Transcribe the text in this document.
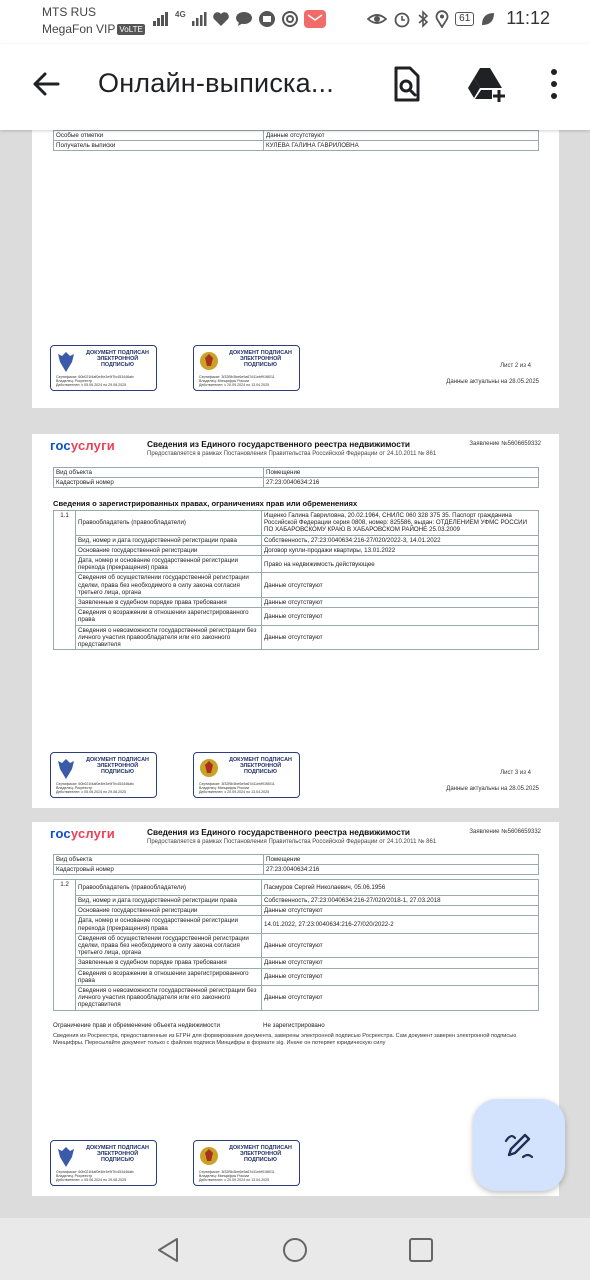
MTS RUS
MegaFon VIP VoLTE
4G	61 11:12
Онлайн-выписка...
Особые отметки	Данные отсутствуют
Получатель выписки	КУЛЕВА ГАЛИНА ГАВРИЛОВНА
ДОКУМЕНТ ПОДПИСАН ЭЛЕКТРОННОЙ ПОДПИСЬЮ
Сертификат: 60b021f4af0e4fe3e9f7fc453446afc
Владелец: Росреестр
Действителен: с 05.06.2024 по 29.08.2025
ДОКУМЕНТ ПОДПИСАН ЭЛЕКТРОННОЙ ПОДПИСЬЮ
Сертификат: 3f32f5b3be6e9a67d11ebf91f8011
Владелец: Минцифры России
Действителен: с 20.09.2024 по 13.04.2025
Лист 2 из 4
Данные актуальны на 28.05.2025
госуслуги	Сведения из Единого государственного реестра недвижимости
Предоставляется в рамках Постановления Правительства Российской Федерации от 24.10.2011 № 861
Заявление №5606659332
Вид объекта	Помещение
Кадастровый номер	27:23:0040634:216
Сведения о зарегистрированных правах, ограничениях прав или обременениях
1.1	Правообладатель (правообладатели)	Ищенко Галина Гавриловна, 20.02.1964, СНИЛС 060 328 375 35. Паспорт гражданина Российской Федерации серия 0808, номер: 825586, выдан: ОТДЕЛЕНИЕМ УФМС РОССИИ ПО ХАБАРОВСКОМУ КРАЮ В ХАБАРОВСКОМ РАЙОНЕ 25.03.2009
	Вид, номер и дата государственной регистрации права	Собственность, 27:23:0040634:216-27/020/2022-3, 14.01.2022
	Основание государственной регистрации	Договор купли-продажи квартиры, 13.01.2022
	Дата, номер и основание государственной регистрации перехода (прекращения) права	Право на недвижимость действующее
	Сведения об осуществлении государственной регистрации сделки, права без необходимого в силу закона согласия третьего лица, органа	Данные отсутствуют
	Заявленные в судебном порядке права требования	Данные отсутствуют
	Сведения о возражении в отношении зарегистрированного права	Данные отсутствуют
	Сведения о невозможности государственной регистрации без личного участия правообладателя или его законного представителя	Данные отсутствуют
ДОКУМЕНТ ПОДПИСАН ЭЛЕКТРОННОЙ ПОДПИСЬЮ
Сертификат: 60b021f4af0e4fe3e9f7fc453446afc
Владелец: Росреестр
Действителен: с 05.06.2024 по 29.08.2025
ДОКУМЕНТ ПОДПИСАН ЭЛЕКТРОННОЙ ПОДПИСЬЮ
Сертификат: 3f32f5b3be6e9a67d11ebf91f8011
Владелец: Минцифры России
Действителен: с 20.09.2024 по 13.04.2025
Лист 3 из 4
Данные актуальны на 28.05.2025
госуслуги	Сведения из Единого государственного реестра недвижимости
Предоставляется в рамках Постановления Правительства Российской Федерации от 24.10.2011 № 861
Заявление №5606659332
Вид объекта	Помещение
Кадастровый номер	27:23:0040634:216
1.2	Правообладатель (правообладатели)	Пасмуров Сергей Николаевич, 05.06.1956
	Вид, номер и дата государственной регистрации права	Собственность, 27:23:0040634:216-27/020/2018-1, 27.03.2018
	Основание государственной регистрации	Данные отсутствуют
	Дата, номер и основание государственной регистрации перехода (прекращения) права	14.01.2022, 27:23:0040634:216-27/020/2022-2
	Сведения об осуществлении государственной регистрации сделки, права без необходимого в силу закона согласия третьего лица, органа	Данные отсутствуют
	Заявленные в судебном порядке права требования	Данные отсутствуют
	Сведения о возражении в отношении зарегистрированного права	Данные отсутствуют
	Сведения о невозможности государственной регистрации без личного участия правообладателя или его законного представителя	Данные отсутствуют
Ограничение прав и обременение объекта недвижимости	Не зарегистрировано
Сведения из Росреестра, предоставленные из ЕГРН для формирования документа, заверены электронной подписью Росреестра. Сам документ заверен электронной подписью Минцифры. Пересылайте документ только с файлом подписи Минцифры в формате sig. Иначе он потеряет юридическую силу
ДОКУМЕНТ ПОДПИСАН ЭЛЕКТРОННОЙ ПОДПИСЬЮ
Сертификат: 60b021f4af0e4fe3e9f7fc453446afc
Владелец: Росреестр
Действителен: с 05.06.2024 по 29.08.2025
ДОКУМЕНТ ПОДПИСАН ЭЛЕКТРОННОЙ ПОДПИСЬЮ
Сертификат: 3f32f5b3be6e9a67d11ebf91f8011
Владелец: Минцифры России
Действителен: с 20.09.2024 по 13.04.2025
